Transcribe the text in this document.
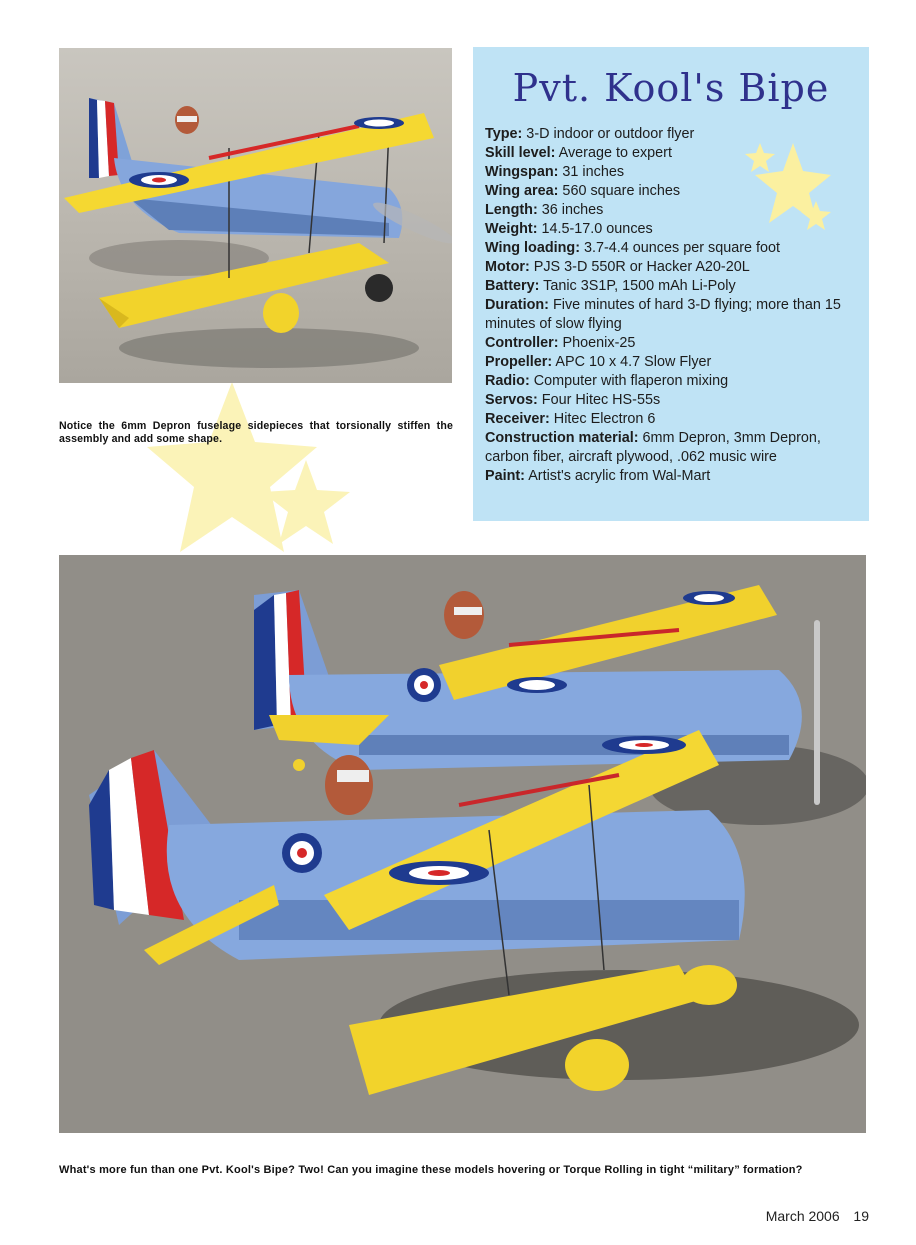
Notice the 6mm Depron fuselage sidepieces that torsionally stiffen the assembly and add some shape.
Pvt. Kool's Bipe
Type: 3-D indoor or outdoor flyer
Skill level: Average to expert
Wingspan: 31 inches
Wing area: 560 square inches
Length: 36 inches
Weight: 14.5-17.0 ounces
Wing loading: 3.7-4.4 ounces per square foot
Motor: PJS 3-D 550R or Hacker A20-20L
Battery: Tanic 3S1P, 1500 mAh Li-Poly
Duration: Five minutes of hard 3-D flying; more than 15 minutes of slow flying
Controller: Phoenix-25
Propeller: APC 10 x 4.7 Slow Flyer
Radio: Computer with flaperon mixing
Servos: Four Hitec HS-55s
Receiver: Hitec Electron 6
Construction material: 6mm Depron, 3mm Depron, carbon fiber, aircraft plywood, .062 music wire
Paint: Artist's acrylic from Wal-Mart
What's more fun than one Pvt. Kool's Bipe? Two! Can you imagine these models hovering or Torque Rolling in tight “military” formation?
March 2006 19
